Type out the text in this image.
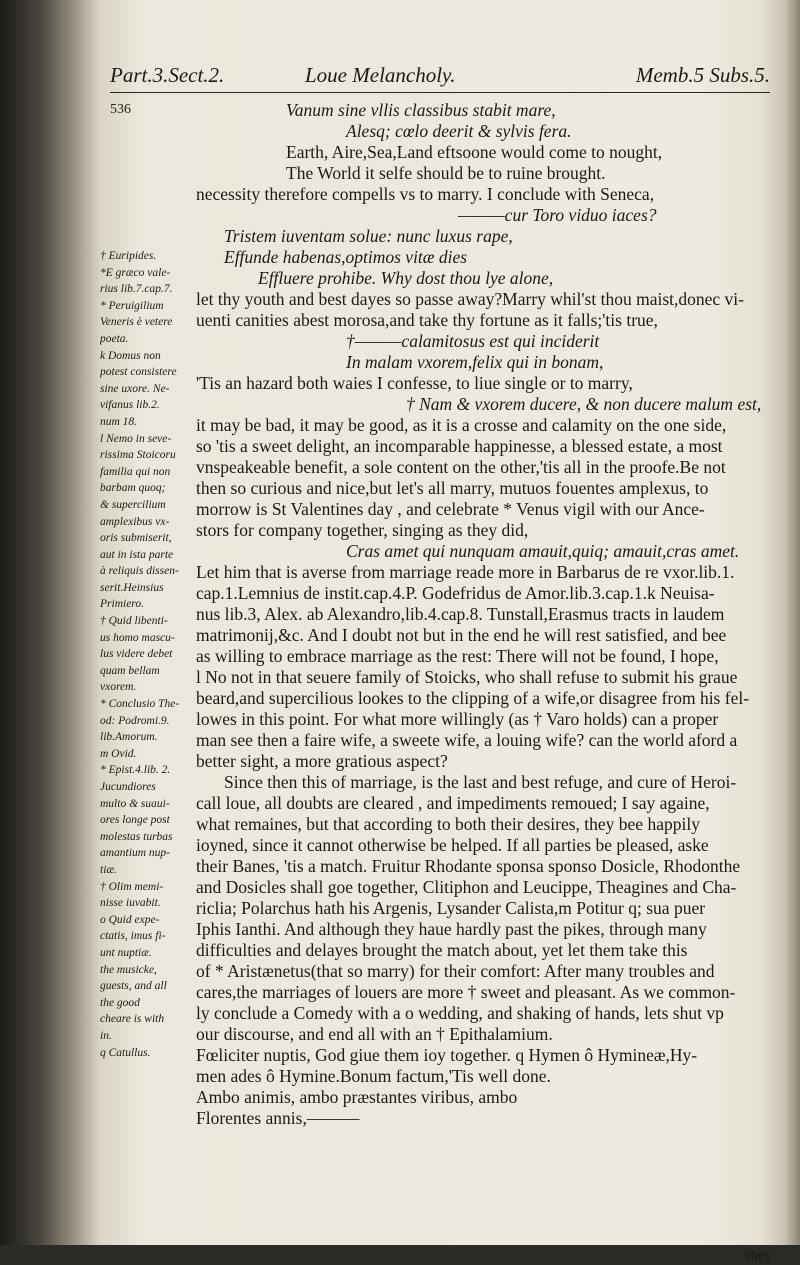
Part.3.Sect.2.	Loue Melancholy.	Memb.5 Subs.5.
536
† Euripides.
*E græco vale-
rius lib.7.cap.7.
* Peruigilium
Veneris è vetere
poeta.
k Domus non
potest consistere
sine uxore. Ne-
vifanus lib.2.
num 18.
l Nemo in seve-
rissima Stoicoru
familia qui non
barbam quoq;
& supercilium
amplexibus vx-
oris submiserit,
aut in ista parte
à reliquis dissen-
serit.Heinsius
Primiero.
† Quid libenti-
us homo mascu-
lus videre debet
quam bellam
vxorem.
* Conclusio The-
od: Podromi.9.
lib.Amorum.
m Ovid.
* Epist.4.lib. 2.
Jucundiores
multo & suaui-
ores longe post
molestas turbas
amantium nup-
tiæ.
† Olim memi-
nisse iuvabit.
o Quid expe-
ctatis, imus fi-
unt nuptiæ.
the musicke,
guests, and all
the good
cheare is with
in.
q Catullus.
Vanum sine vllis classibus stabit mare,
Alesq; cœlo deerit & sylvis fera.
Earth, Aire,Sea,Land eftsoone would come to nought,
The World it selfe should be to ruine brought.
necessity therefore compells vs to marry. I conclude with Seneca,
———cur Toro viduo iaces?
Tristem iuventam solue: nunc luxus rape,
Effunde habenas,optimos vitæ dies
Effluere prohibe. Why dost thou lye alone,
let thy youth and best dayes so passe away?Marry whil'st thou maist,donec vi-
uenti canities abest morosa,and take thy fortune as it falls;'tis true,
†———calamitosus est qui inciderit
In malam vxorem,felix qui in bonam,
'Tis an hazard both waies I confesse, to liue single or to marry,
† Nam & vxorem ducere, & non ducere malum est,
it may be bad, it may be good, as it is a crosse and calamity on the one side,
so 'tis a sweet delight, an incomparable happinesse, a blessed estate, a most
vnspeakeable benefit, a sole content on the other,'tis all in the proofe.Be not
then so curious and nice,but let's all marry, mutuos fouentes amplexus, to
morrow is St Valentines day , and celebrate * Venus vigil with our Ance-
stors for company together, singing as they did,
Cras amet qui nunquam amauit,quiq; amauit,cras amet.
Let him that is averse from marriage reade more in Barbarus de re vxor.lib.1.
cap.1.Lemnius de instit.cap.4.P. Godefridus de Amor.lib.3.cap.1.k Neuisa-
nus lib.3, Alex. ab Alexandro,lib.4.cap.8. Tunstall,Erasmus tracts in laudem
matrimonij,&c. And I doubt not but in the end he will rest satisfied, and bee
as willing to embrace marriage as the rest: There will not be found, I hope,
l No not in that seuere family of Stoicks, who shall refuse to submit his graue
beard,and supercilious lookes to the clipping of a wife,or disagree from his fel-
lowes in this point. For what more willingly (as † Varo holds) can a proper
man see then a faire wife, a sweete wife, a louing wife? can the world aford a
better sight, a more gratious aspect?
Since then this of marriage, is the last and best refuge, and cure of Heroi-
call loue, all doubts are cleared , and impediments remoued; I say againe,
what remaines, but that according to both their desires, they bee happily
ioyned, since it cannot otherwise be helped. If all parties be pleased, aske
their Banes, 'tis a match. Fruitur Rhodante sponsa sponso Dosicle, Rhodonthe
and Dosicles shall goe together, Clitiphon and Leucippe, Theagines and Cha-
riclia; Polarchus hath his Argenis, Lysander Calista,m Potitur q; sua puer
Iphis Ianthi. And although they haue hardly past the pikes, through many
difficulties and delayes brought the match about, yet let them take this
of * Aristænetus(that so marry) for their comfort: After many troubles and
cares,the marriages of louers are more † sweet and pleasant. As we common-
ly conclude a Comedy with a o wedding, and shaking of hands, lets shut vp
our discourse, and end all with an † Epithalamium.
Fœliciter nuptis, God giue them ioy together. q Hymen ô Hymineæ,Hy-
men ades ô Hymine.Bonum factum,'Tis well done.
Ambo animis, ambo præstantes viribus, ambo
Florentes annis,———
they
